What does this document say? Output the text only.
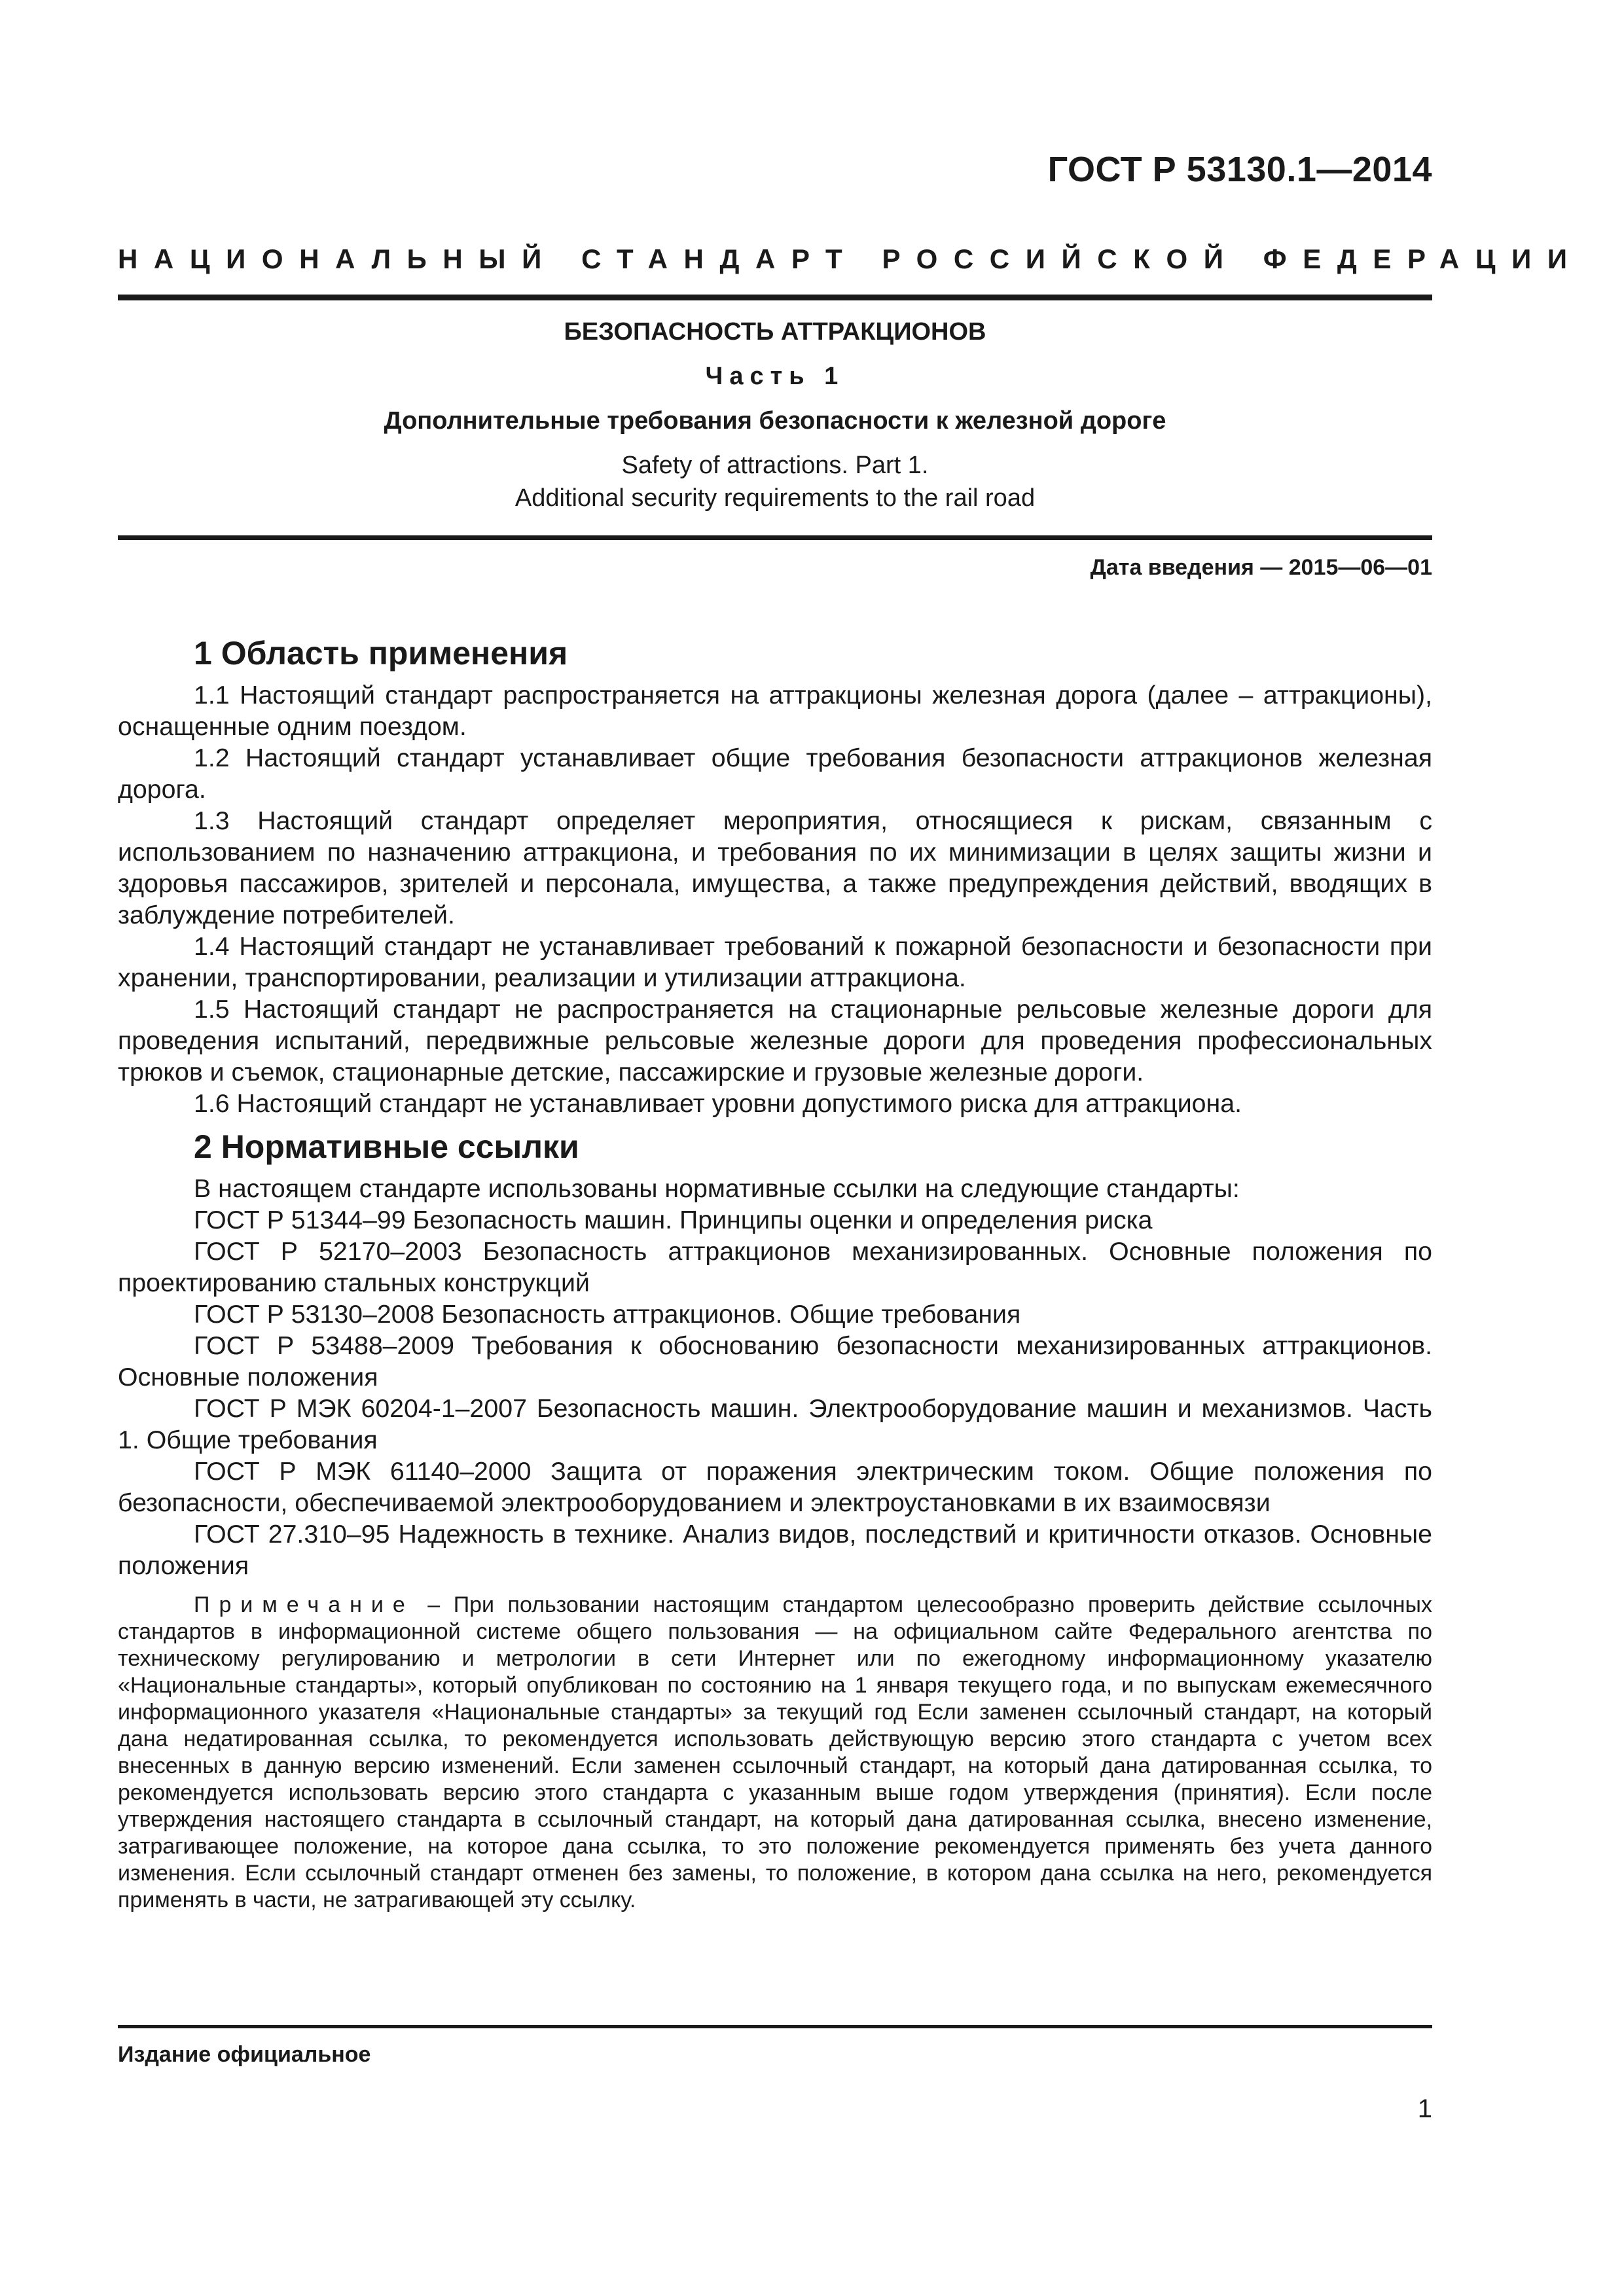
ГОСТ Р 53130.1—2014
НАЦИОНАЛЬНЫЙ СТАНДАРТ РОССИЙСКОЙ ФЕДЕРАЦИИ
БЕЗОПАСНОСТЬ АТТРАКЦИОНОВ
Часть 1
Дополнительные требования безопасности к железной дороге
Safety of attractions. Part 1.
Additional security requirements to the rail road
Дата введения — 2015—06—01
1 Область применения

1.1 Настоящий стандарт распространяется на аттракционы железная дорога (далее – аттракционы), оснащенные одним поездом.

1.2 Настоящий стандарт устанавливает общие требования безопасности аттракционов железная дорога.

1.3 Настоящий стандарт определяет мероприятия, относящиеся к рискам, связанным с использованием по назначению аттракциона, и требования по их минимизации в целях защиты жизни и здоровья пассажиров, зрителей и персонала, имущества, а также предупреждения действий, вводящих в заблуждение потребителей.

1.4 Настоящий стандарт не устанавливает требований к пожарной безопасности и безопасности при хранении, транспортировании, реализации и утилизации аттракциона.

1.5 Настоящий стандарт не распространяется на стационарные рельсовые железные дороги для проведения испытаний, передвижные рельсовые железные дороги для проведения профессиональных трюков и съемок, стационарные детские, пассажирские и грузовые железные дороги.

1.6 Настоящий стандарт не устанавливает уровни допустимого риска для аттракциона.

2 Нормативные ссылки

В настоящем стандарте использованы нормативные ссылки на следующие стандарты:

ГОСТ Р 51344–99 Безопасность машин. Принципы оценки и определения риска

ГОСТ Р 52170–2003 Безопасность аттракционов механизированных. Основные положения по проектированию стальных конструкций

ГОСТ Р 53130–2008 Безопасность аттракционов. Общие требования

ГОСТ Р 53488–2009 Требования к обоснованию безопасности механизированных аттракционов. Основные положения

ГОСТ Р МЭК 60204-1–2007 Безопасность машин. Электрооборудование машин и механизмов. Часть 1. Общие требования

ГОСТ Р МЭК 61140–2000 Защита от поражения электрическим током. Общие положения по безопасности, обеспечиваемой электрооборудованием и электроустановками в их взаимосвязи

ГОСТ 27.310–95 Надежность в технике. Анализ видов, последствий и критичности отказов. Основные положения

Примечание – При пользовании настоящим стандартом целесообразно проверить действие ссылочных стандартов в информационной системе общего пользования — на официальном сайте Федерального агентства по техническому регулированию и метрологии в сети Интернет или по ежегодному информационному указателю «Национальные стандарты», который опубликован по состоянию на 1 января текущего года, и по выпускам ежемесячного информационного указателя «Национальные стандарты» за текущий год Если заменен ссылочный стандарт, на который дана недатированная ссылка, то рекомендуется использовать действующую версию этого стандарта с учетом всех внесенных в данную версию изменений. Если заменен ссылочный стандарт, на который дана датированная ссылка, то рекомендуется использовать версию этого стандарта с указанным выше годом утверждения (принятия). Если после утверждения настоящего стандарта в ссылочный стандарт, на который дана датированная ссылка, внесено изменение, затрагивающее положение, на которое дана ссылка, то это положение рекомендуется применять без учета данного изменения. Если ссылочный стандарт отменен без замены, то положение, в котором дана ссылка на него, рекомендуется применять в части, не затрагивающей эту ссылку.
Издание официальное
1
